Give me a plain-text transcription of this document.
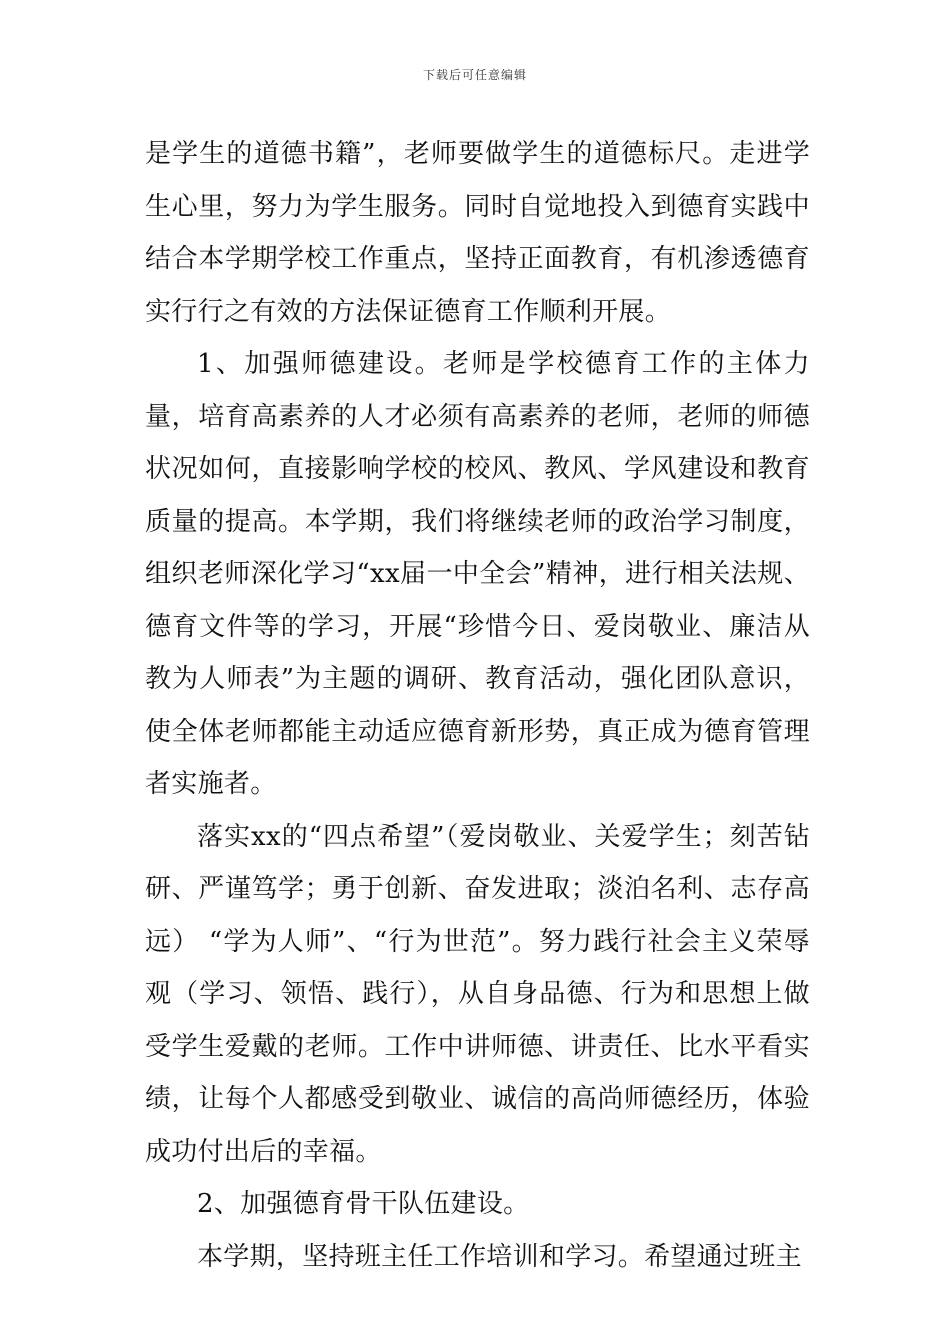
下载后可任意编辑

是学生的道德书籍”，老师要做学生的道德标尺。走进学生心里，努力为学生服务。同时自觉地投入到德育实践中结合本学期学校工作重点，坚持正面教育，有机渗透德育实行行之有效的方法保证德育工作顺利开展。

1、加强师德建设。老师是学校德育工作的主体力量，培育高素养的人才必须有高素养的老师，老师的师德状况如何，直接影响学校的校风、教风、学风建设和教育质量的提高。本学期，我们将继续老师的政治学习制度，组织老师深化学习“xx届一中全会”精神，进行相关法规、德育文件等的学习，开展“珍惜今日、爱岗敬业、廉洁从教为人师表”为主题的调研、教育活动，强化团队意识，使全体老师都能主动适应德育新形势，真正成为德育管理者实施者。

落实xx的“四点希望”（爱岗敬业、关爱学生；刻苦钻研、严谨笃学；勇于创新、奋发进取；淡泊名利、志存高远） “学为人师”、“行为世范”。努力践行社会主义荣辱观（学习、领悟、践行），从自身品德、行为和思想上做受学生爱戴的老师。工作中讲师德、讲责任、比水平看实绩，让每个人都感受到敬业、诚信的高尚师德经历，体验成功付出后的幸福。

2、加强德育骨干队伍建设。

本学期，坚持班主任工作培训和学习。希望通过班主
